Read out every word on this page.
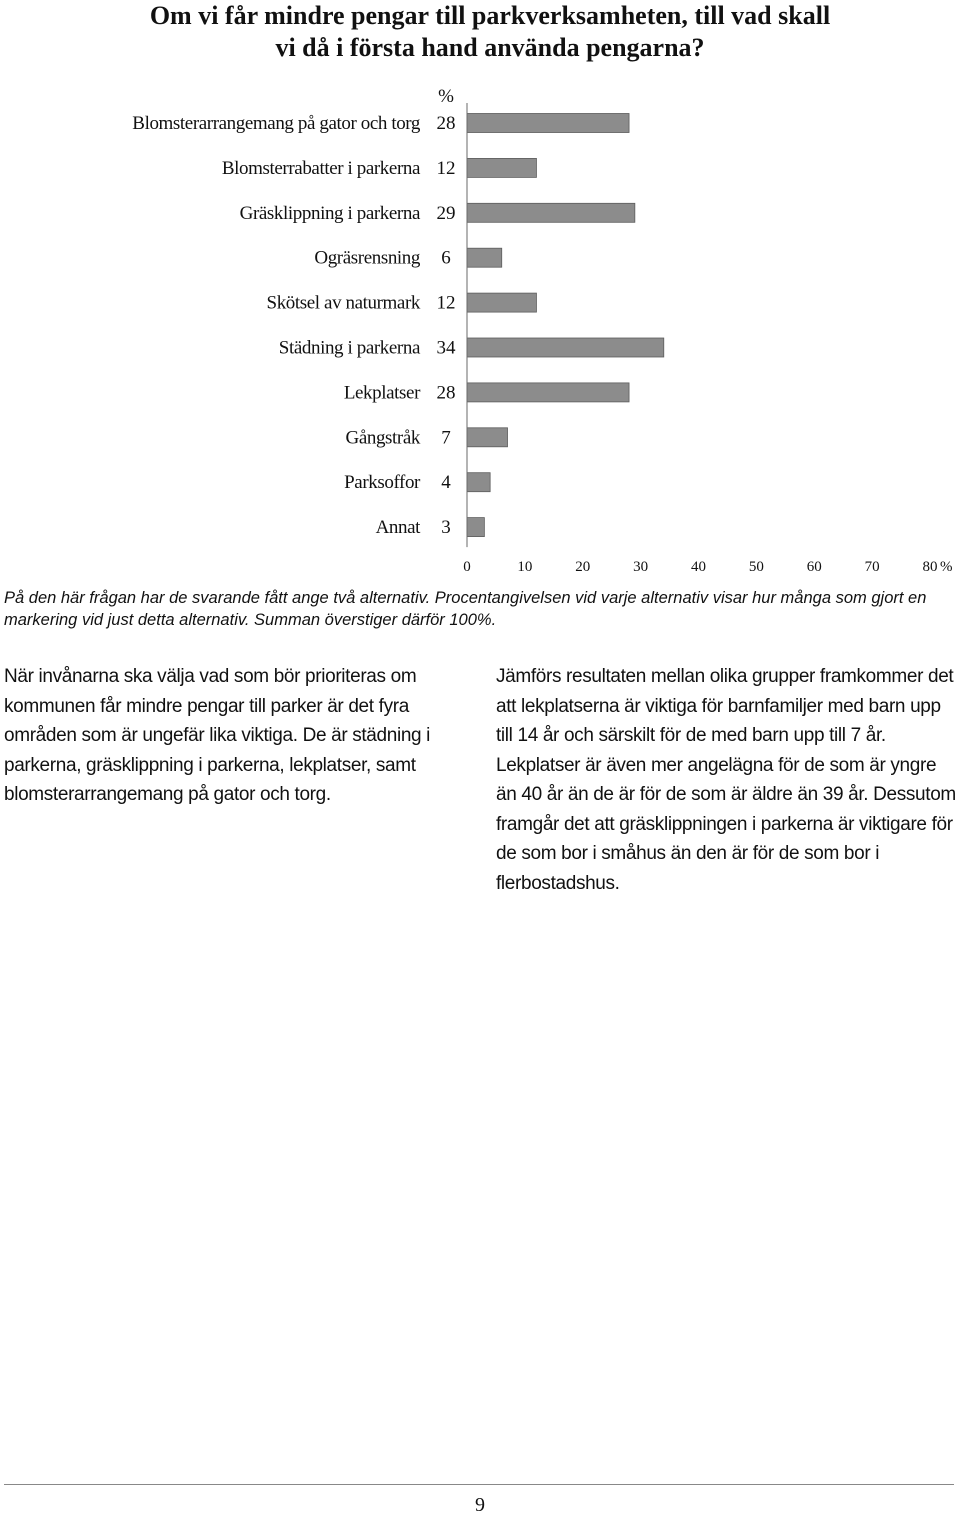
Om vi får mindre pengar till parkverksamheten, till vad skall vi då i första hand använda pengarna?
%
Blomsterarrangemang på gator och torg 28
Blomsterrabatter i parkerna 12
Gräsklippning i parkerna 29
Ogräsrensning 6
Skötsel av naturmark 12
Städning i parkerna 34
Lekplatser 28
Gångstråk 7
Parksoffor 4
Annat 3
0	10	20	30	40	50	60	70	80 %

På den här frågan har de svarande fått ange två alternativ. Procentangivelsen vid varje alternativ visar hur många som gjort en markering vid just detta alternativ. Summan överstiger därför 100%.

När invånarna ska välja vad som bör prioriteras om kommunen får mindre pengar till parker är det fyra områden som är ungefär lika viktiga. De är städning i parkerna, gräsklippning i parkerna, lekplatser, samt blomsterarrangemang på gator och torg.

Jämförs resultaten mellan olika grupper framkommer det att lekplatserna är viktiga för barnfamiljer med barn upp till 14 år och särskilt för de med barn upp till 7 år. Lekplatser är även mer angelägna för de som är yngre än 40 år än de är för de som är äldre än 39 år. Dessutom framgår det att gräsklippningen i parkerna är viktigare för de som bor i småhus än den är för de som bor i flerbostadshus.

9
